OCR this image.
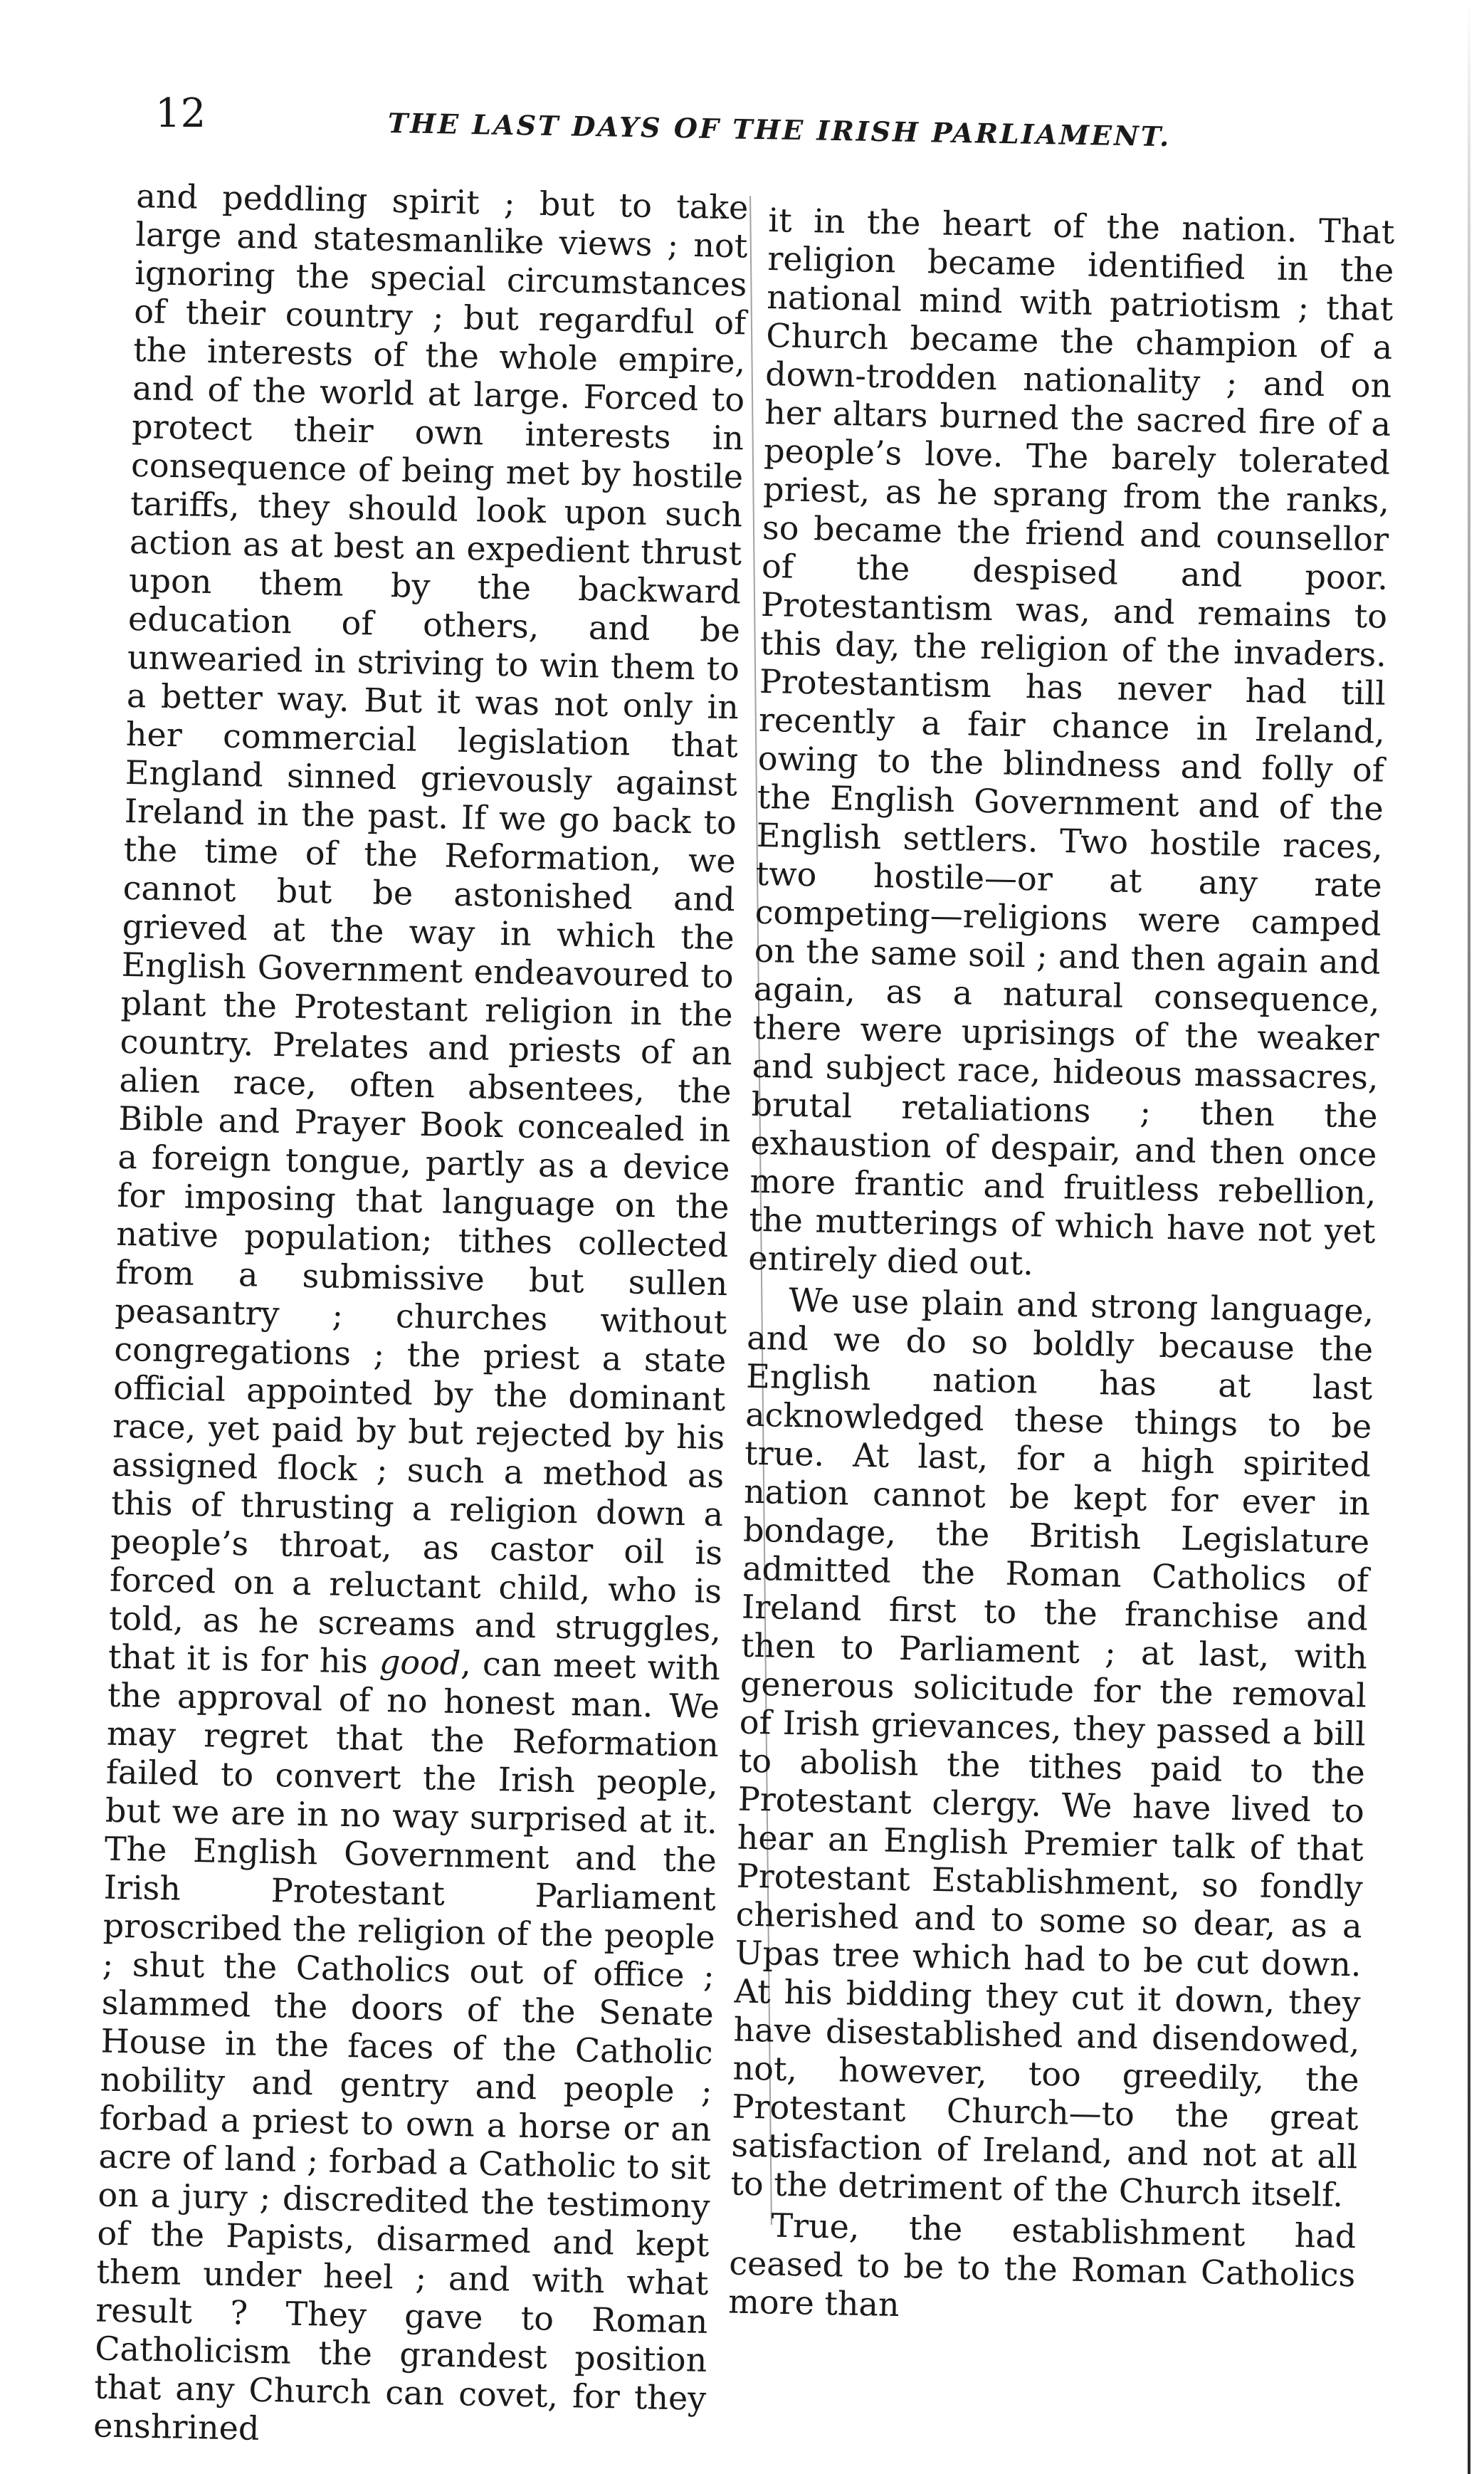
12	THE LAST DAYS OF THE IRISH PARLIAMENT.

and peddling spirit ; but to take large and statesmanlike views ; not ignoring the special circumstances of their country ; but regardful of the interests of the whole empire, and of the world at large. Forced to protect their own interests in consequence of being met by hostile tariffs, they should look upon such action as at best an expedient thrust upon them by the backward education of others, and be unwearied in striving to win them to a better way. But it was not only in her commercial legislation that England sinned grievously against Ireland in the past. If we go back to the time of the Reformation, we cannot but be astonished and grieved at the way in which the English Government endeavoured to plant the Protestant religion in the country. Prelates and priests of an alien race, often absentees, the Bible and Prayer Book concealed in a foreign tongue, partly as a device for imposing that language on the native population; tithes collected from a submissive but sullen peasantry ; churches without congregations ; the priest a state official appointed by the dominant race, yet paid by but rejected by his assigned flock ; such a method as this of thrusting a religion down a people’s throat, as castor oil is forced on a reluctant child, who is told, as he screams and struggles, that it is for his good, can meet with the approval of no honest man. We may regret that the Reformation failed to convert the Irish people, but we are in no way surprised at it. The English Government and the Irish Protestant Parliament proscribed the religion of the people ; shut the Catholics out of office ; slammed the doors of the Senate House in the faces of the Catholic nobility and gentry and people ; forbad a priest to own a horse or an acre of land ; forbad a Catholic to sit on a jury ; discredited the testimony of the Papists, disarmed and kept them under heel ; and with what result ? They gave to Roman Catholicism the grandest position that any Church can covet, for they enshrined

it in the heart of the nation. That religion became identified in the national mind with patriotism ; that Church became the champion of a down-trodden nationality ; and on her altars burned the sacred fire of a people’s love. The barely tolerated priest, as he sprang from the ranks, so became the friend and counsellor of the despised and poor. Protestantism was, and remains to this day, the religion of the invaders. Protestantism has never had till recently a fair chance in Ireland, owing to the blindness and folly of the English Government and of the English settlers. Two hostile races, two hostile—or at any rate competing—religions were camped on the same soil ; and then again and again, as a natural consequence, there were uprisings of the weaker and subject race, hideous massacres, brutal retaliations ; then the exhaustion of despair, and then once more frantic and fruitless rebellion, the mutterings of which have not yet entirely died out.

We use plain and strong language, and we do so boldly because the English nation has at last acknowledged these things to be true. At last, for a high spirited nation cannot be kept for ever in bondage, the British Legislature admitted the Roman Catholics of Ireland first to the franchise and then to Parliament ; at last, with generous solicitude for the removal of Irish grievances, they passed a bill to abolish the tithes paid to the Protestant clergy. We have lived to hear an English Premier talk of that Protestant Establishment, so fondly cherished and to some so dear, as a Upas tree which had to be cut down. At his bidding they cut it down, they have disestablished and disendowed, not, however, too greedily, the Protestant Church—to the great satisfaction of Ireland, and not at all to the detriment of the Church itself.

True, the establishment had ceased to be to the Roman Catholics more than
